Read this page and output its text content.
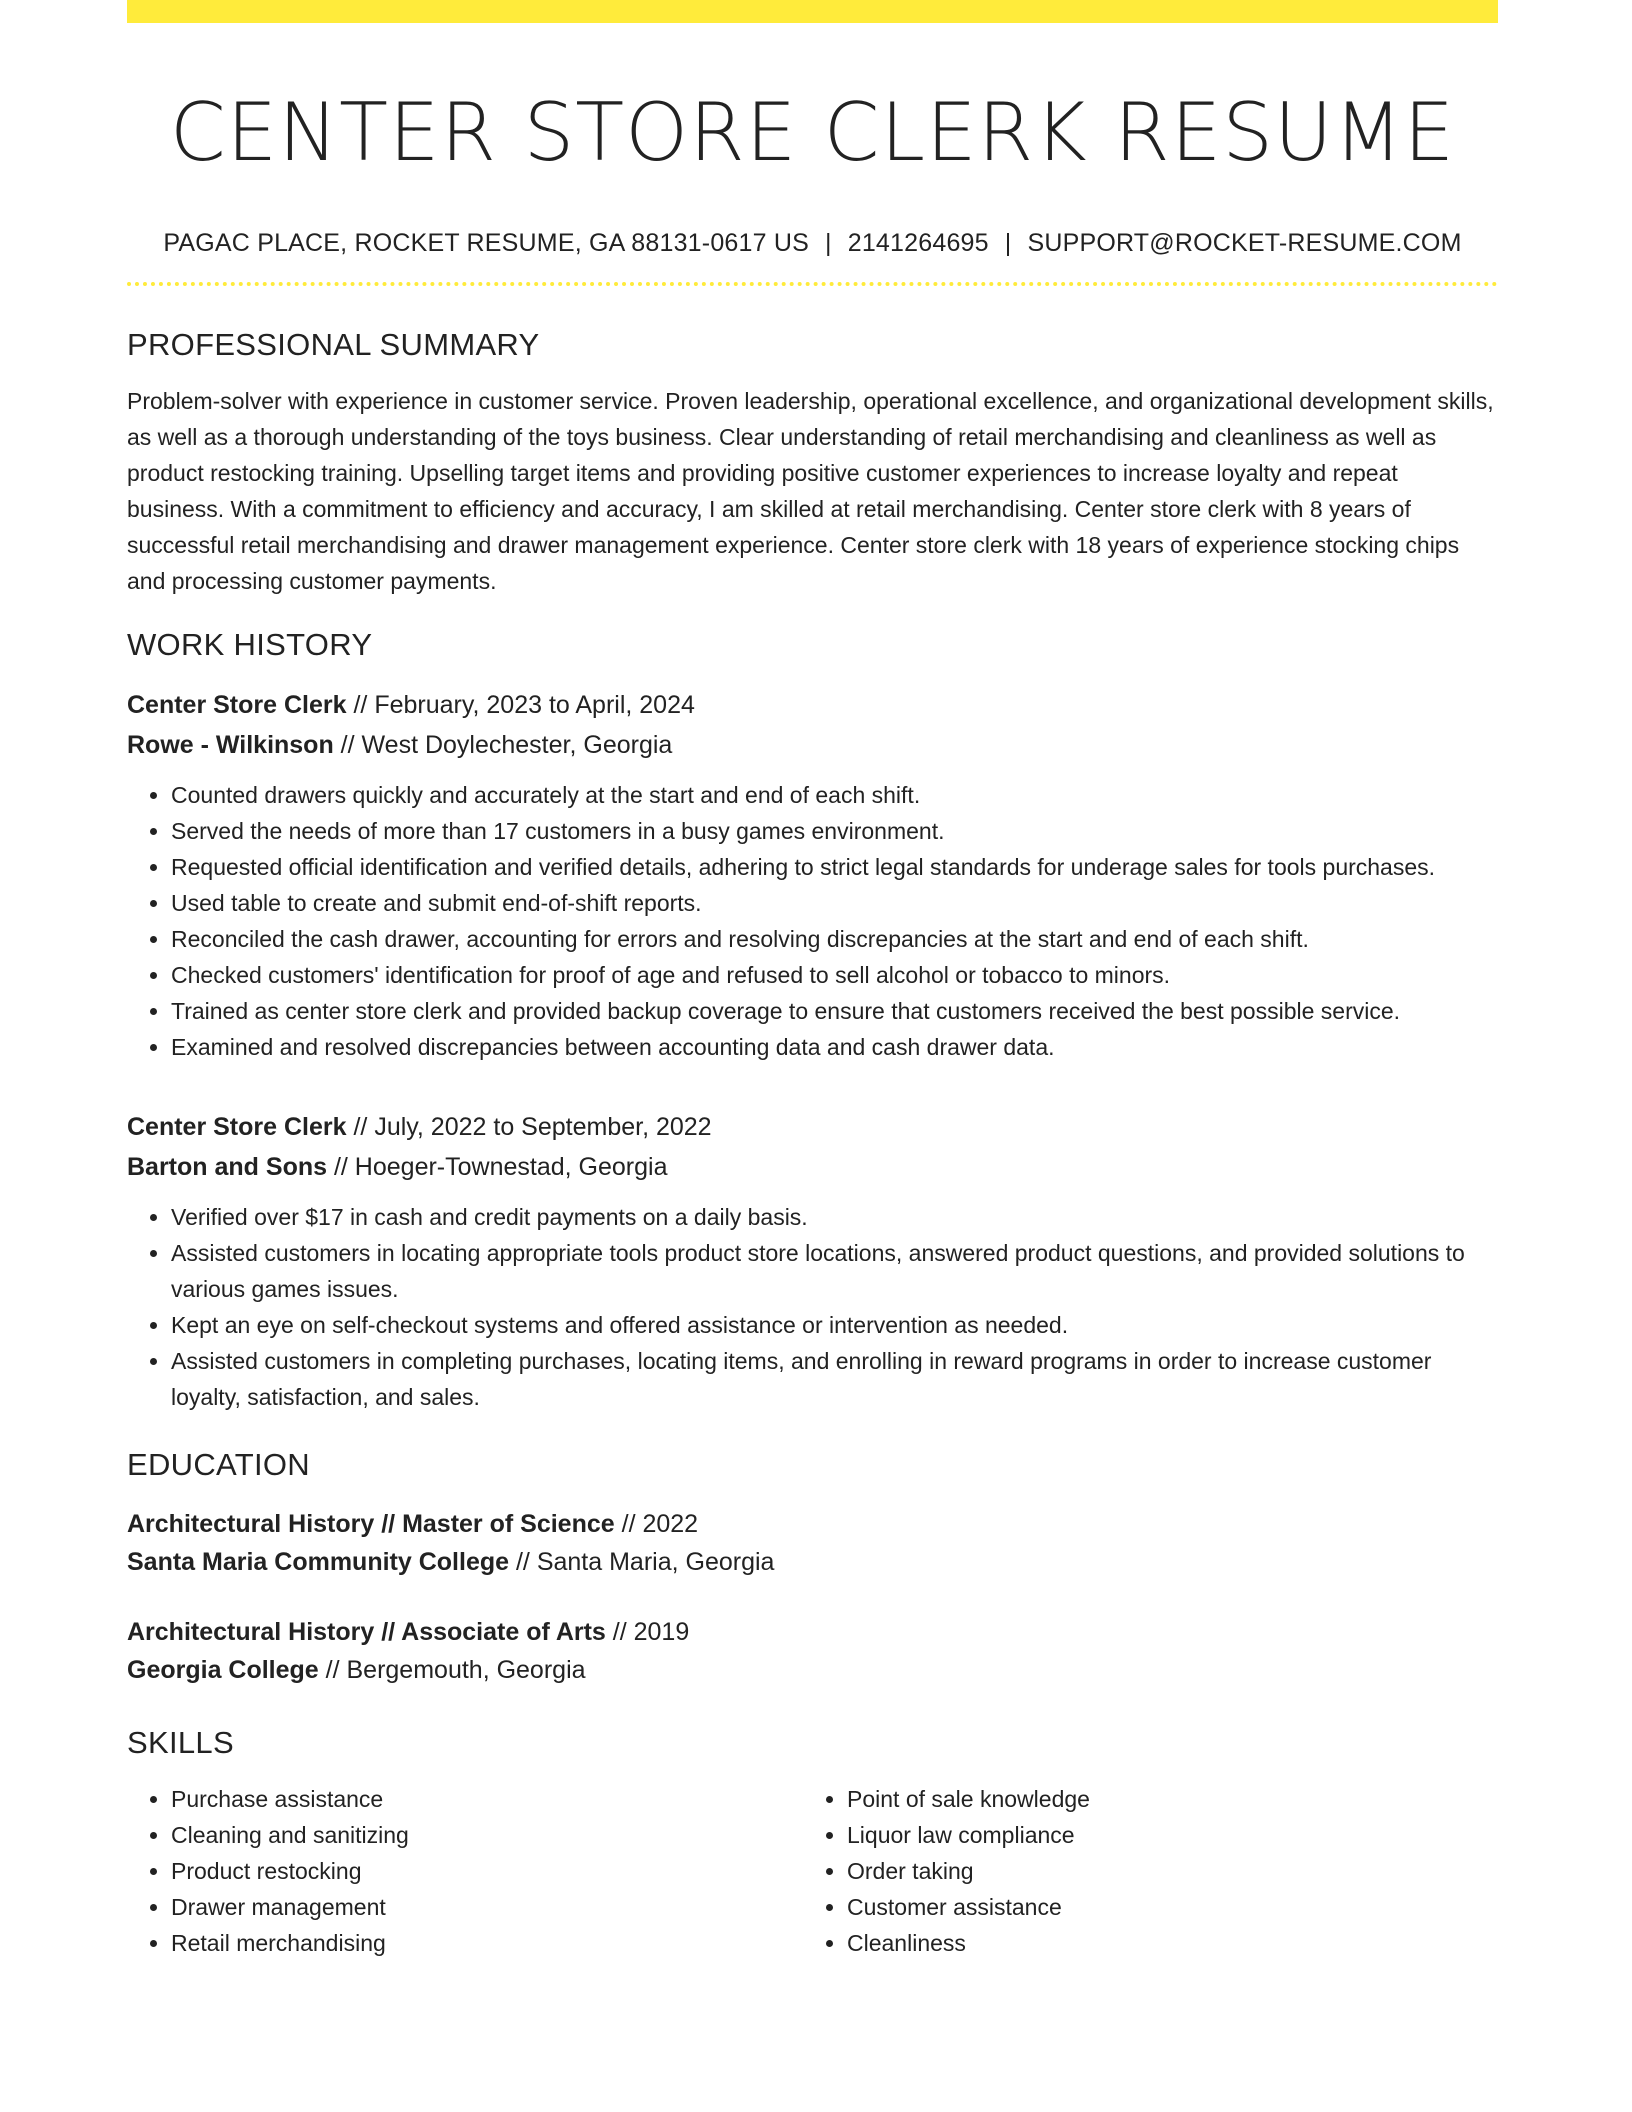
CENTER STORE CLERK RESUME
PAGAC PLACE, ROCKET RESUME, GA 88131-0617 US | 2141264695 | SUPPORT@ROCKET-RESUME.COM
PROFESSIONAL SUMMARY
Problem-solver with experience in customer service. Proven leadership, operational excellence, and organizational development skills, as well as a thorough understanding of the toys business. Clear understanding of retail merchandising and cleanliness as well as product restocking training. Upselling target items and providing positive customer experiences to increase loyalty and repeat business. With a commitment to efficiency and accuracy, I am skilled at retail merchandising. Center store clerk with 8 years of successful retail merchandising and drawer management experience. Center store clerk with 18 years of experience stocking chips and processing customer payments.
WORK HISTORY
Center Store Clerk // February, 2023 to April, 2024
Rowe - Wilkinson // West Doylechester, Georgia
• Counted drawers quickly and accurately at the start and end of each shift.
• Served the needs of more than 17 customers in a busy games environment.
• Requested official identification and verified details, adhering to strict legal standards for underage sales for tools purchases.
• Used table to create and submit end-of-shift reports.
• Reconciled the cash drawer, accounting for errors and resolving discrepancies at the start and end of each shift.
• Checked customers' identification for proof of age and refused to sell alcohol or tobacco to minors.
• Trained as center store clerk and provided backup coverage to ensure that customers received the best possible service.
• Examined and resolved discrepancies between accounting data and cash drawer data.
Center Store Clerk // July, 2022 to September, 2022
Barton and Sons // Hoeger-Townestad, Georgia
• Verified over $17 in cash and credit payments on a daily basis.
• Assisted customers in locating appropriate tools product store locations, answered product questions, and provided solutions to various games issues.
• Kept an eye on self-checkout systems and offered assistance or intervention as needed.
• Assisted customers in completing purchases, locating items, and enrolling in reward programs in order to increase customer loyalty, satisfaction, and sales.
EDUCATION
Architectural History // Master of Science // 2022
Santa Maria Community College // Santa Maria, Georgia
Architectural History // Associate of Arts // 2019
Georgia College // Bergemouth, Georgia
SKILLS
• Purchase assistance
• Cleaning and sanitizing
• Product restocking
• Drawer management
• Retail merchandising
• Point of sale knowledge
• Liquor law compliance
• Order taking
• Customer assistance
• Cleanliness
